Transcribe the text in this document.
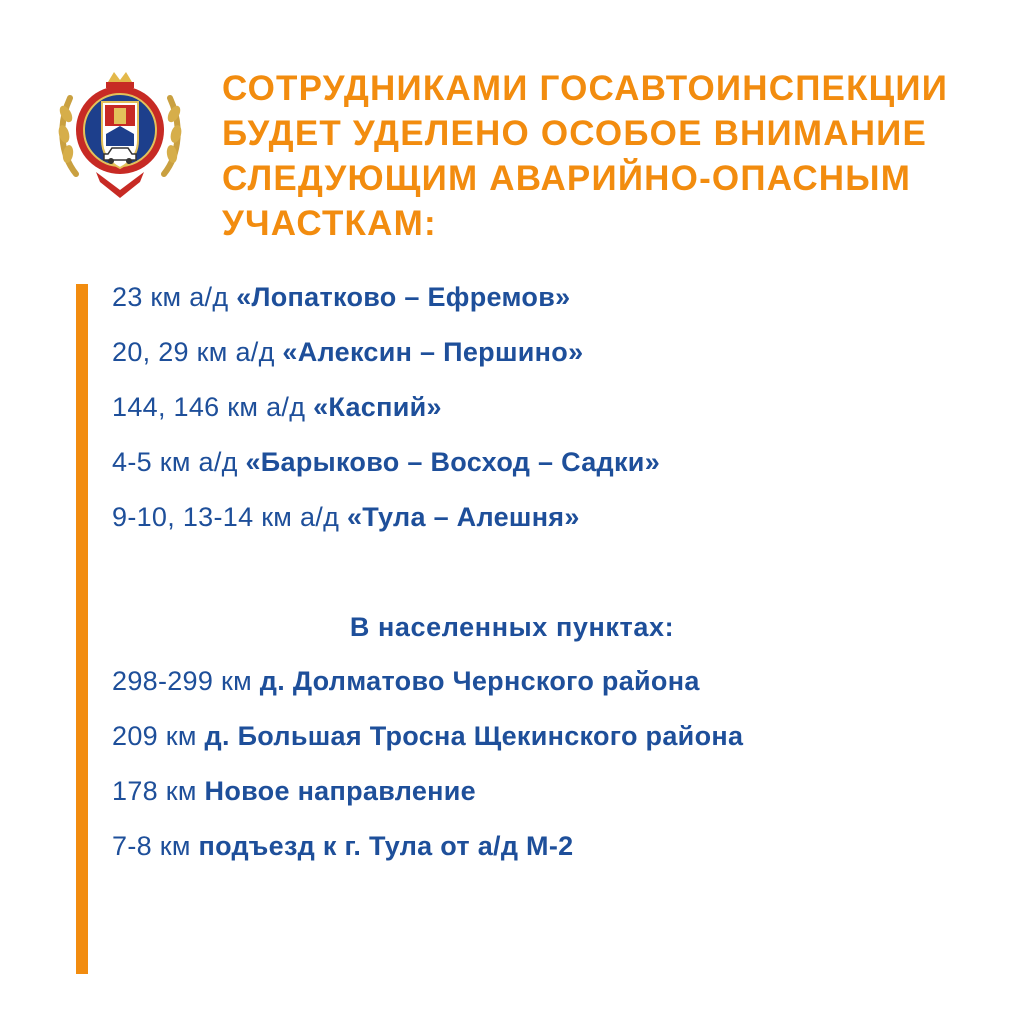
СОТРУДНИКАМИ ГОСАВТОИНСПЕКЦИИ
БУДЕТ УДЕЛЕНО ОСОБОЕ ВНИМАНИЕ
СЛЕДУЮЩИМ АВАРИЙНО-ОПАСНЫМ
УЧАСТКАМ:
23 км а/д «Лопатково – Ефремов»
20, 29 км а/д «Алексин – Першино»
144, 146 км а/д «Каспий»
4-5 км а/д «Барыково – Восход – Садки»
9-10, 13-14 км а/д «Тула – Алешня»
В населенных пунктах:
298-299 км д. Долматово Чернского района
209 км д. Большая Тросна Щекинского района
178 км Новое направление
7-8 км подъезд к г. Тула от а/д М-2
